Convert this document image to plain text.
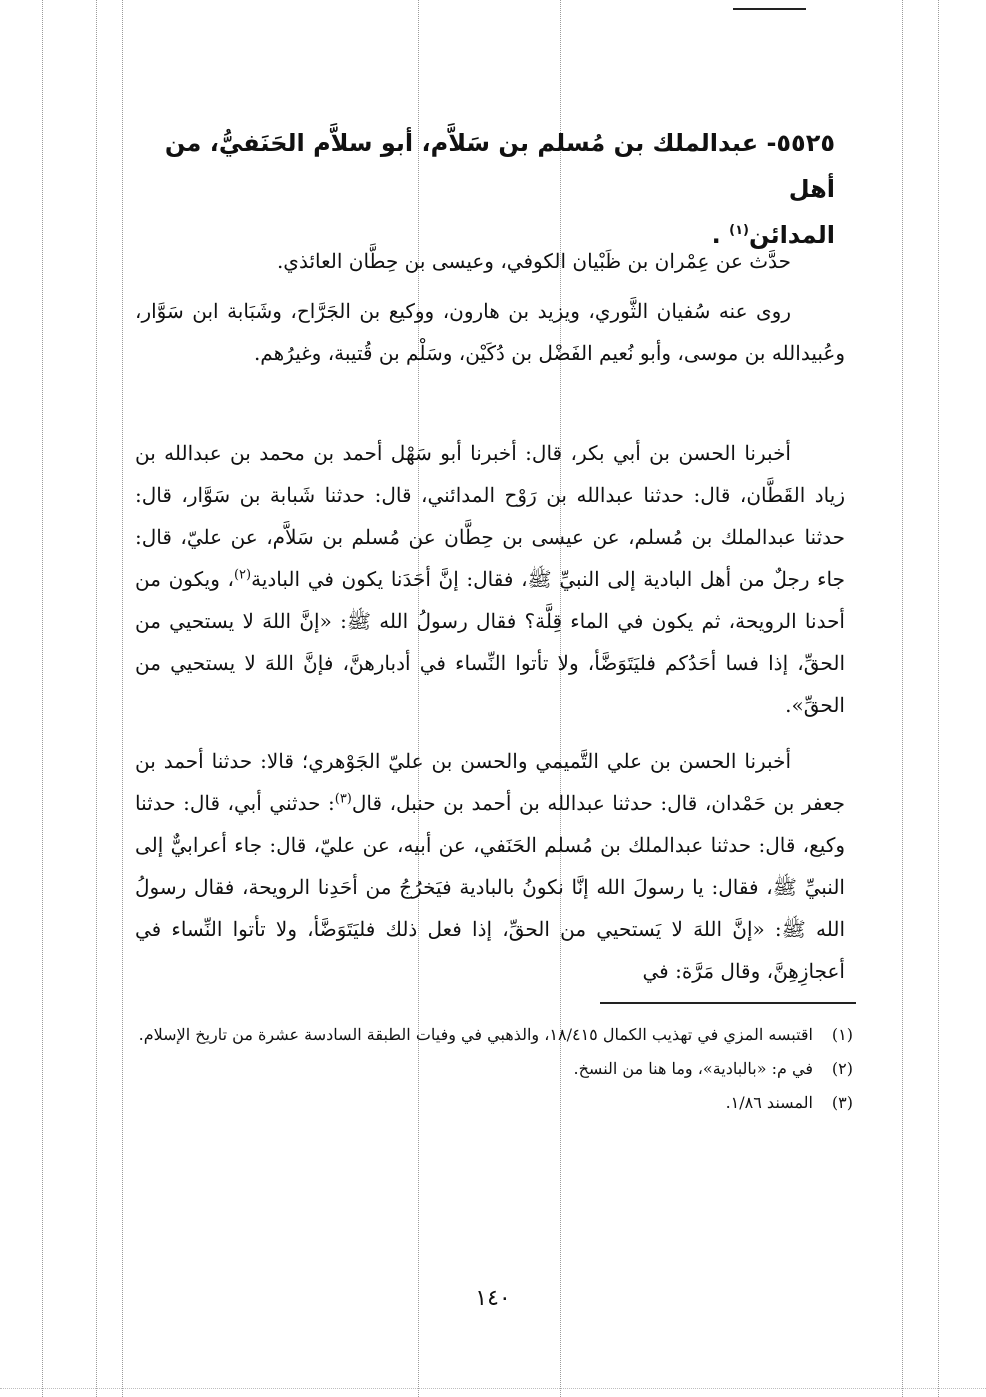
٥٥٢٥- عبدالملك بن مُسلم بن سَلاَّم، أبو سلاَّم الحَنَفيُّ، من أهل
المدائن$^{(١)}$ .
حدَّث عن عِمْران بن ظَبْيان الكوفي، وعيسى بن حِطَّان العائذي.
روى عنه سُفيان الثَّوري، ويزيد بن هارون، ووكيع بن الجَرَّاح، وشَبَابة ابن سَوَّار، وعُبيدالله بن موسى، وأبو نُعيم الفَضْل بن دُكَيْن، وسَلْم بن قُتيبة، وغيرُهم.
أخبرنا الحسن بن أبي بكر، قال: أخبرنا أبو سَهْل أحمد بن محمد بن عبدالله بن زياد القَطَّان، قال: حدثنا عبدالله بن رَوْح المدائني، قال: حدثنا شَبابة بن سَوَّار، قال: حدثنا عبدالملك بن مُسلم، عن عيسى بن حِطَّان عن مُسلم بن سَلاَّم، عن عليّ، قال: جاء رجلٌ من أهل البادية إلى النبيِّ ﷺ، فقال: إنَّ أحَدَنا يكون في البادية$^{(٢)}$، ويكون من أحدنا الرويحة، ثم يكون في الماء قِلَّة؟ فقال رسولُ الله ﷺ: «إنَّ اللهَ لا يستحيي من الحقِّ، إذا فسا أحَدُكم فليَتَوَضَّأ، ولا تأتوا النِّساء في أدبارهنَّ، فإنَّ اللهَ لا يستحيي من الحقِّ».
أخبرنا الحسن بن علي التَّميمي والحسن بن عليّ الجَوْهري؛ قالا: حدثنا أحمد بن جعفر بن حَمْدان، قال: حدثنا عبدالله بن أحمد بن حنبل، قال$^{(٣)}$: حدثني أبي، قال: حدثنا وكيع، قال: حدثنا عبدالملك بن مُسلم الحَنَفي، عن أبيه، عن عليّ، قال: جاء أعرابيٌّ إلى النبيِّ ﷺ، فقال: يا رسولَ الله إنَّا نكونُ بالبادية فيَخرُجُ من أحَدِنا الرويحة، فقال رسولُ الله ﷺ: «إنَّ اللهَ لا يَستحيي من الحقِّ، إذا فعل ذلك فليَتَوَضَّأ، ولا تأتوا النِّساء في أعجازِهِنَّ، وقال مَرَّة: في
(١)
اقتبسه المزي في تهذيب الكمال ١٨/٤١٥، والذهبي في وفيات الطبقة السادسة عشرة من تاريخ الإسلام.
(٢)
في م: «بالبادية»، وما هنا من النسخ.
(٣)
المسند ١/٨٦.
١٤٠
